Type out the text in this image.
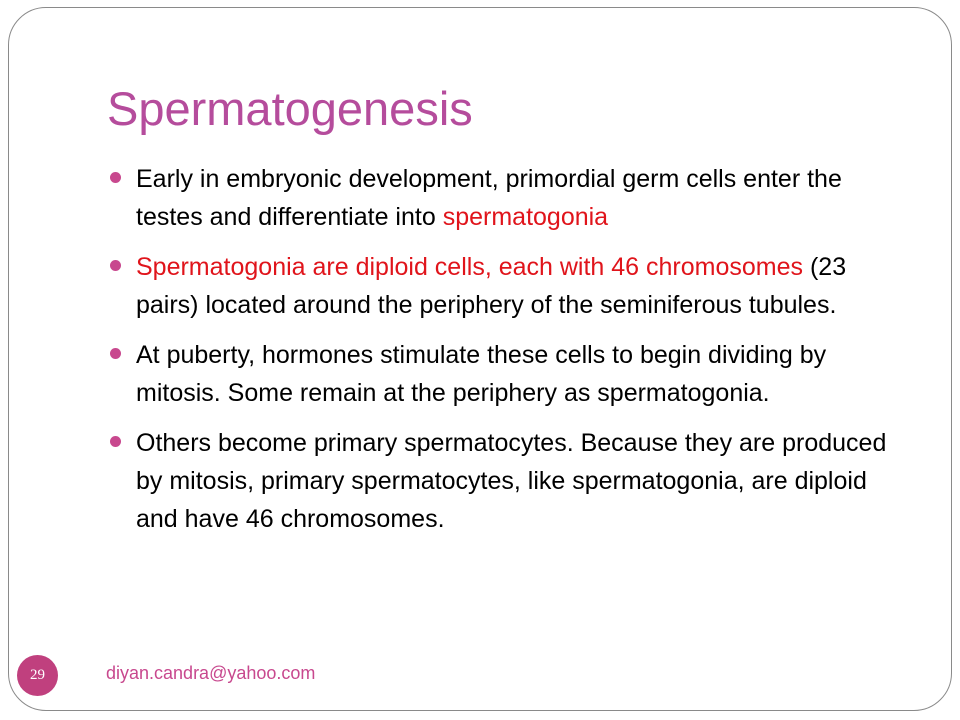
Spermatogenesis
Early in embryonic development, primordial germ cells enter the testes and differentiate into spermatogonia
Spermatogonia are diploid cells, each with 46 chromosomes (23 pairs) located around the periphery of the seminiferous tubules.
At puberty, hormones stimulate these cells to begin dividing by mitosis. Some remain at the periphery as spermatogonia.
Others become primary spermatocytes. Because they are produced by mitosis, primary spermatocytes, like spermatogonia, are diploid and have 46 chromosomes.
diyan.candra@yahoo.com
29
